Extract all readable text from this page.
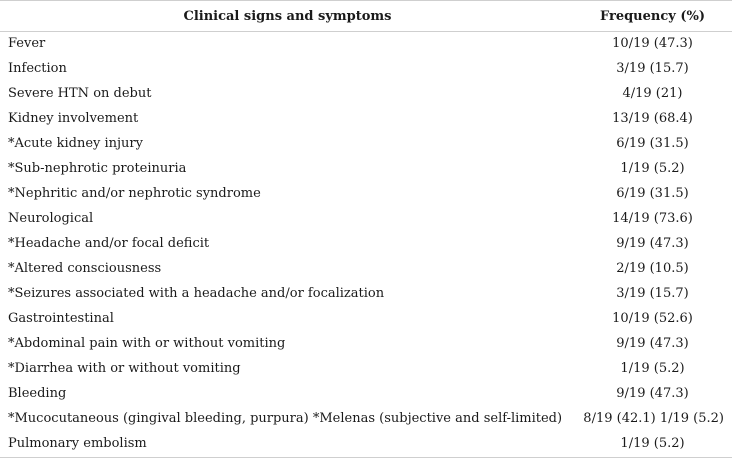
Clinical signs and symptoms	Frequency (%)
Fever	10/19 (47.3)
Infection	3/19 (15.7)
Severe HTN on debut	4/19 (21)
Kidney involvement	13/19 (68.4)
*Acute kidney injury	6/19 (31.5)
*Sub-nephrotic proteinuria	1/19 (5.2)
*Nephritic and/or nephrotic syndrome	6/19 (31.5)
Neurological	14/19 (73.6)
*Headache and/or focal deficit	9/19 (47.3)
*Altered consciousness	2/19 (10.5)
*Seizures associated with a headache and/or focalization	3/19 (15.7)
Gastrointestinal	10/19 (52.6)
*Abdominal pain with or without vomiting	9/19 (47.3)
*Diarrhea with or without vomiting	1/19 (5.2)
Bleeding	9/19 (47.3)
*Mucocutaneous (gingival bleeding, purpura) *Melenas (subjective and self-limited)	8/19 (42.1) 1/19 (5.2)
Pulmonary embolism	1/19 (5.2)
